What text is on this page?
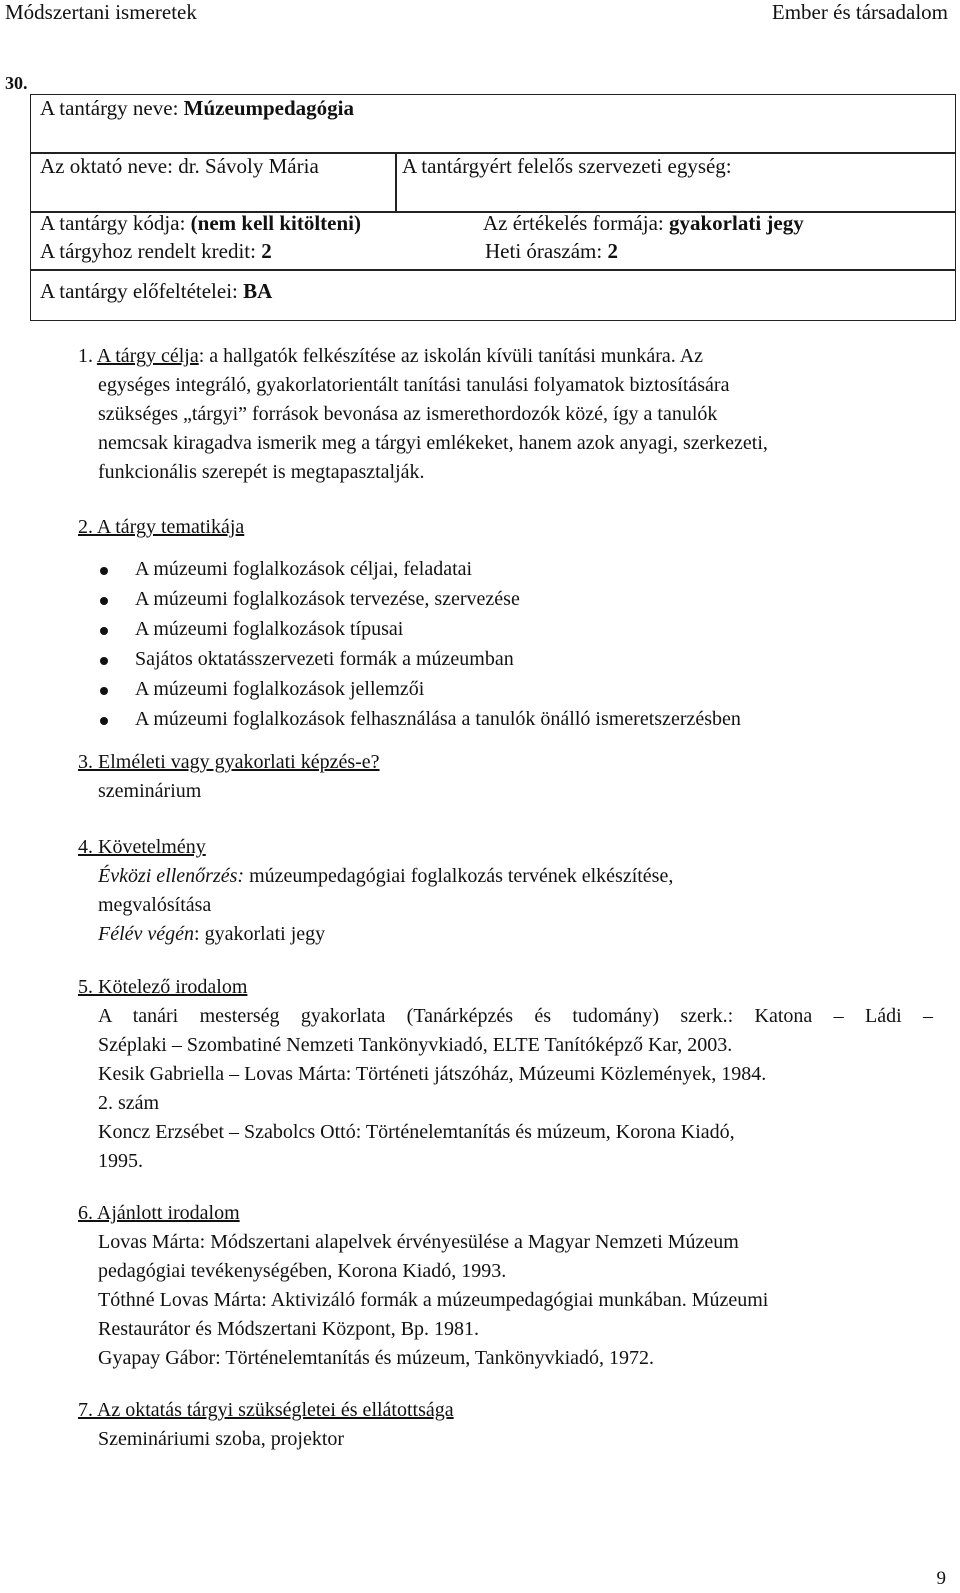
Módszertani ismeretek	Ember és társadalom
30.
A tantárgy neve: Múzeumpedagógia
Az oktató neve: dr. Sávoly Mária	A tantárgyért felelős szervezeti egység:
A tantárgy kódja: (nem kell kitölteni)	Az értékelés formája: gyakorlati jegy
A tárgyhoz rendelt kredit: 2	Heti óraszám: 2
A tantárgy előfeltételei: BA
1. A tárgy célja: a hallgatók felkészítése az iskolán kívüli tanítási munkára. Az
egységes integráló, gyakorlatorientált tanítási tanulási folyamatok biztosítására
szükséges „tárgyi” források bevonása az ismerethordozók közé, így a tanulók
nemcsak kiragadva ismerik meg a tárgyi emlékeket, hanem azok anyagi, szerkezeti,
funkcionális szerepét is megtapasztalják.
2. A tárgy tematikája
A múzeumi foglalkozások céljai, feladatai
A múzeumi foglalkozások tervezése, szervezése
A múzeumi foglalkozások típusai
Sajátos oktatásszervezeti formák a múzeumban
A múzeumi foglalkozások jellemzői
A múzeumi foglalkozások felhasználása a tanulók önálló ismeretszerzésben
3. Elméleti vagy gyakorlati képzés-e?
szeminárium
4. Követelmény
Évközi ellenőrzés: múzeumpedagógiai foglalkozás tervének elkészítése,
megvalósítása
Félév végén: gyakorlati jegy
5. Kötelező irodalom
A tanári mesterség gyakorlata (Tanárképzés és tudomány) szerk.: Katona – Ládi –
Széplaki – Szombatiné Nemzeti Tankönyvkiadó, ELTE Tanítóképző Kar, 2003.
Kesik Gabriella – Lovas Márta: Történeti játszóház, Múzeumi Közlemények, 1984.
2. szám
Koncz Erzsébet – Szabolcs Ottó: Történelemtanítás és múzeum, Korona Kiadó,
1995.
6. Ajánlott irodalom
Lovas Márta: Módszertani alapelvek érvényesülése a Magyar Nemzeti Múzeum
pedagógiai tevékenységében, Korona Kiadó, 1993.
Tóthné Lovas Márta: Aktivizáló formák a múzeumpedagógiai munkában. Múzeumi
Restaurátor és Módszertani Központ, Bp. 1981.
Gyapay Gábor: Történelemtanítás és múzeum, Tankönyvkiadó, 1972.
7. Az oktatás tárgyi szükségletei és ellátottsága
Szemináriumi szoba, projektor
9
